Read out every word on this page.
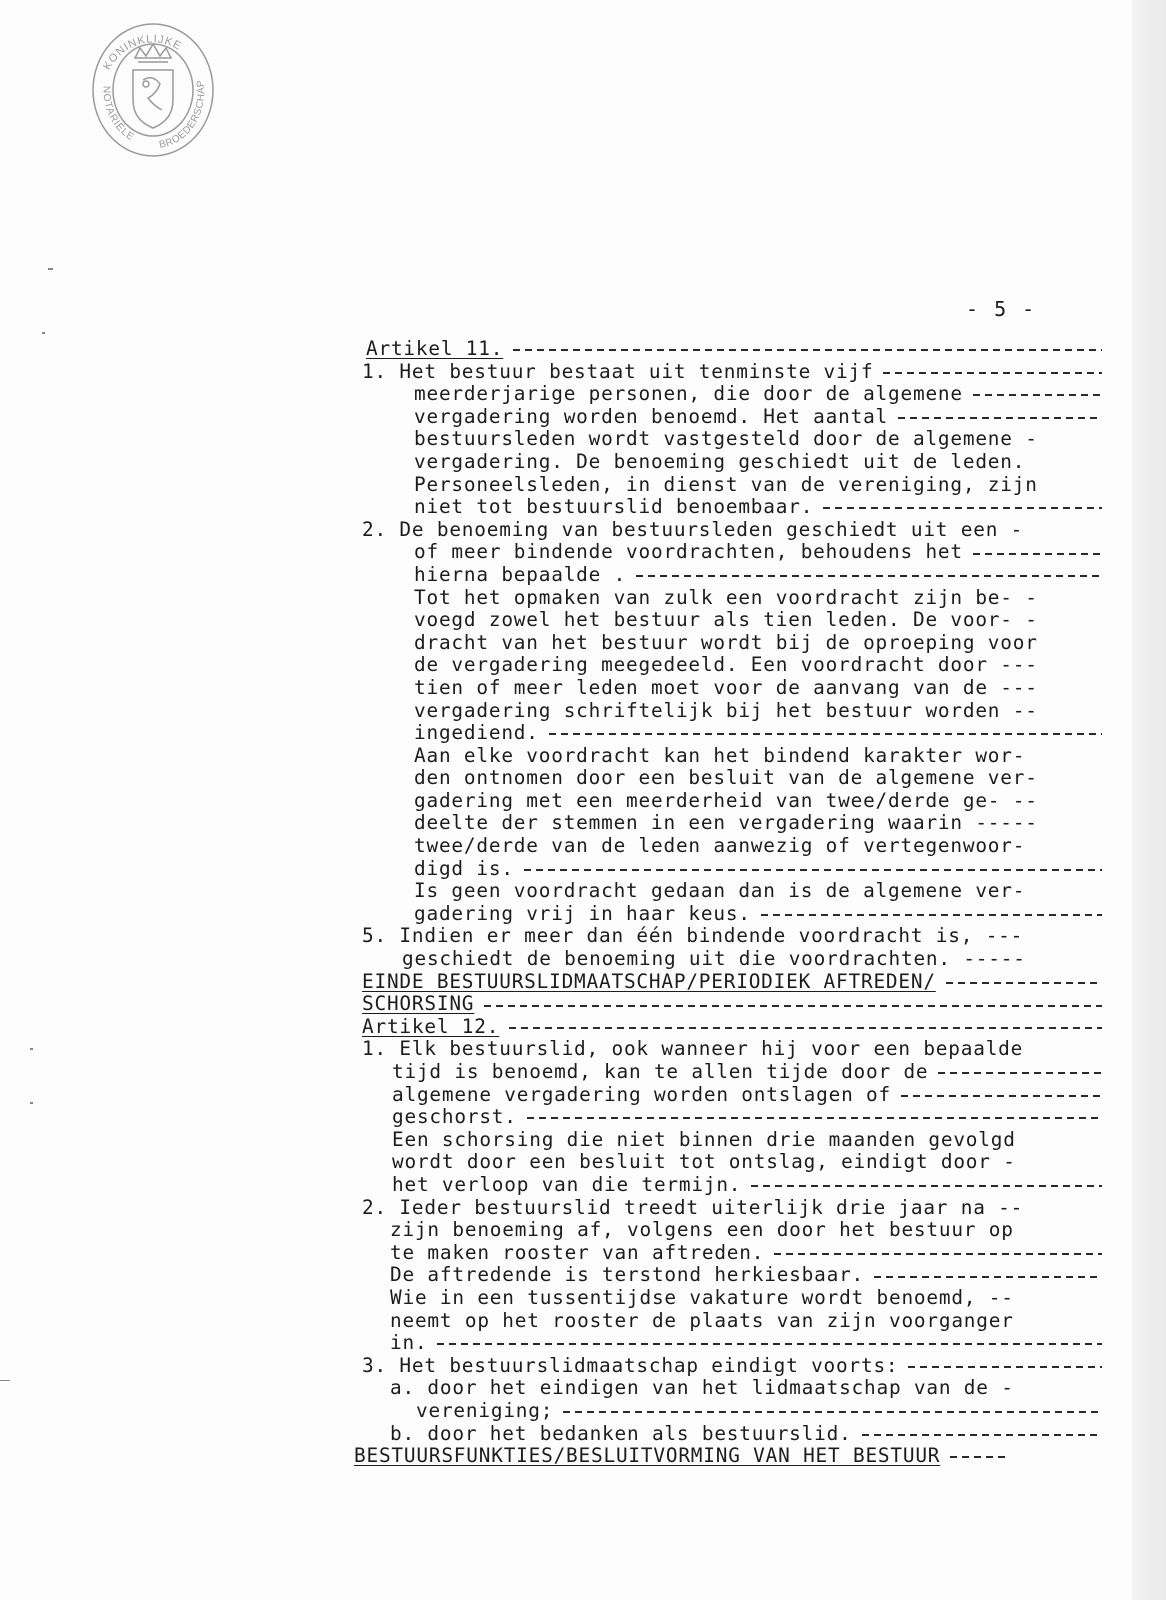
KONINKLIJKE
NOTARIËLE
BROEDERSCHAP
- 5 -
Artikel 11.
1. Het bestuur bestaat uit tenminste vijf
meerderjarige personen, die door de algemene
vergadering worden benoemd. Het aantal
bestuursleden wordt vastgesteld door de algemene -
vergadering. De benoeming geschiedt uit de leden.
Personeelsleden, in dienst van de vereniging, zijn
niet tot bestuurslid benoembaar.
2. De benoeming van bestuursleden geschiedt uit een -
of meer bindende voordrachten, behoudens het
hierna bepaalde .
Tot het opmaken van zulk een voordracht zijn be- -
voegd zowel het bestuur als tien leden. De voor- -
dracht van het bestuur wordt bij de oproeping voor
de vergadering meegedeeld. Een voordracht door ---
tien of meer leden moet voor de aanvang van de ---
vergadering schriftelijk bij het bestuur worden --
ingediend.
Aan elke voordracht kan het bindend karakter wor-
den ontnomen door een besluit van de algemene ver-
gadering met een meerderheid van twee/derde ge- --
deelte der stemmen in een vergadering waarin -----
twee/derde van de leden aanwezig of vertegenwoor-
digd is.
Is geen voordracht gedaan dan is de algemene ver-
gadering vrij in haar keus.
5. Indien er meer dan één bindende voordracht is, ---
geschiedt de benoeming uit die voordrachten. -----
EINDE BESTUURSLIDMAATSCHAP/PERIODIEK AFTREDEN/
SCHORSING
Artikel 12.
1. Elk bestuurslid, ook wanneer hij voor een bepaalde
tijd is benoemd, kan te allen tijde door de
algemene vergadering worden ontslagen of
geschorst.
Een schorsing die niet binnen drie maanden gevolgd
wordt door een besluit tot ontslag, eindigt door -
het verloop van die termijn.
2. Ieder bestuurslid treedt uiterlijk drie jaar na --
zijn benoeming af, volgens een door het bestuur op
te maken rooster van aftreden.
De aftredende is terstond herkiesbaar.
Wie in een tussentijdse vakature wordt benoemd, --
neemt op het rooster de plaats van zijn voorganger
in.
3. Het bestuurslidmaatschap eindigt voorts:
a. door het eindigen van het lidmaatschap van de -
vereniging;
b. door het bedanken als bestuurslid.
BESTUURSFUNKTIES/BESLUITVORMING VAN HET BESTUUR
